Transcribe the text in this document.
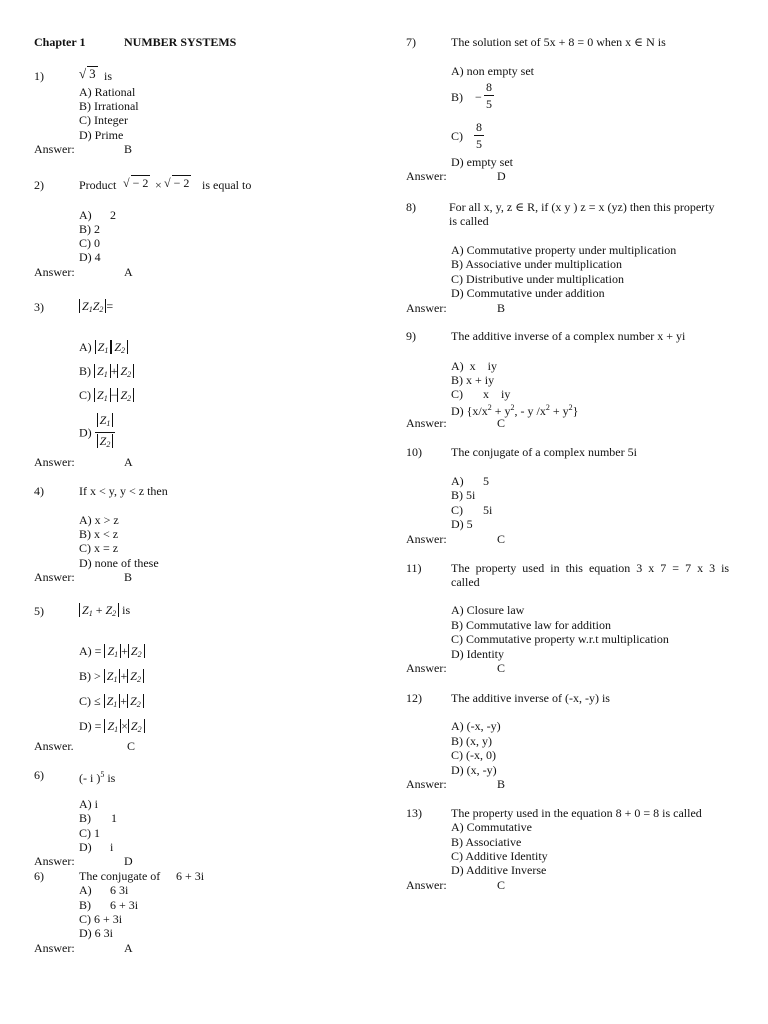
Chapter 1	NUMBER SYSTEMS
1)	√ 3 is
A) Rational
B) Irrational
C) Integer
D) Prime
Answer:	B
2)	Product √ − 2 × √ − 2 is equal to
A) 2
B) 2
C) 0
D) 4
Answer:	A
3)	$Z_1Z_2$ =
A) $Z_1$ $Z_2$
B) $Z_1 + Z_2$
C) $Z_1 - Z_2$
$D) \frac{Z_1}{Z_2}$
Answer:	A
4)	If x < y, y < z then
A) x > z
B) x < z
C) x = z
D) none of these
Answer:	B
5)	$Z_1 + Z_2$ is
$A) = Z_1 + Z_2$
$B) > Z_1 + Z_2$
$C) \le Z_1 + Z_2$
$D) = Z_1 \times Z_2$
Answer.	C
6)	(- i )$^5$ is
A) i
B) 1
C) 1
D) i
Answer:	D
6)	The conjugate of 6 + 3i
A) 6 3i
B) 6 + 3i
C) 6 + 3i
D) 6 3i
Answer:	A
7)	The solution set of 5x + 8 = 0 when x ∈ N is
A) non empty set
$B) - \frac{8}{5}$
$C) \frac{8}{5}$
D) empty set
Answer:	D
8)	For all x, y, z ∈ R, if (x y ) z = x (yz) then this property
is called
A) Commutative property under multiplication
B) Associative under multiplication
C) Distributive under multiplication
D) Commutative under addition
Answer:	B
9)	The additive inverse of a complex number x + yi
A)  x    iy
B) x + iy
C) x    iy
D) {$x/x^2 + y^2$, - y $/x^2 + y^2$}
Answer:	C
10) The conjugate of a complex number 5i
A) 5
B) 5i
C) 5i
D) 5
Answer:	C
11) The  property  used  in  this  equation  3  x  7  =  7  x  3  is
called
A) Closure law
B) Commutative law for addition
C) Commutative property w.r.t multiplication
D) Identity
Answer:	C
12) The additive inverse of (-x, -y) is
A) (-x, -y)
B) (x, y)
C) (-x, 0)
D) (x, -y)
Answer:	B
13) The property used in the equation 8 + 0 = 8 is called
A) Commutative
B) Associative
C) Additive Identity
D) Additive Inverse
Answer:	C
